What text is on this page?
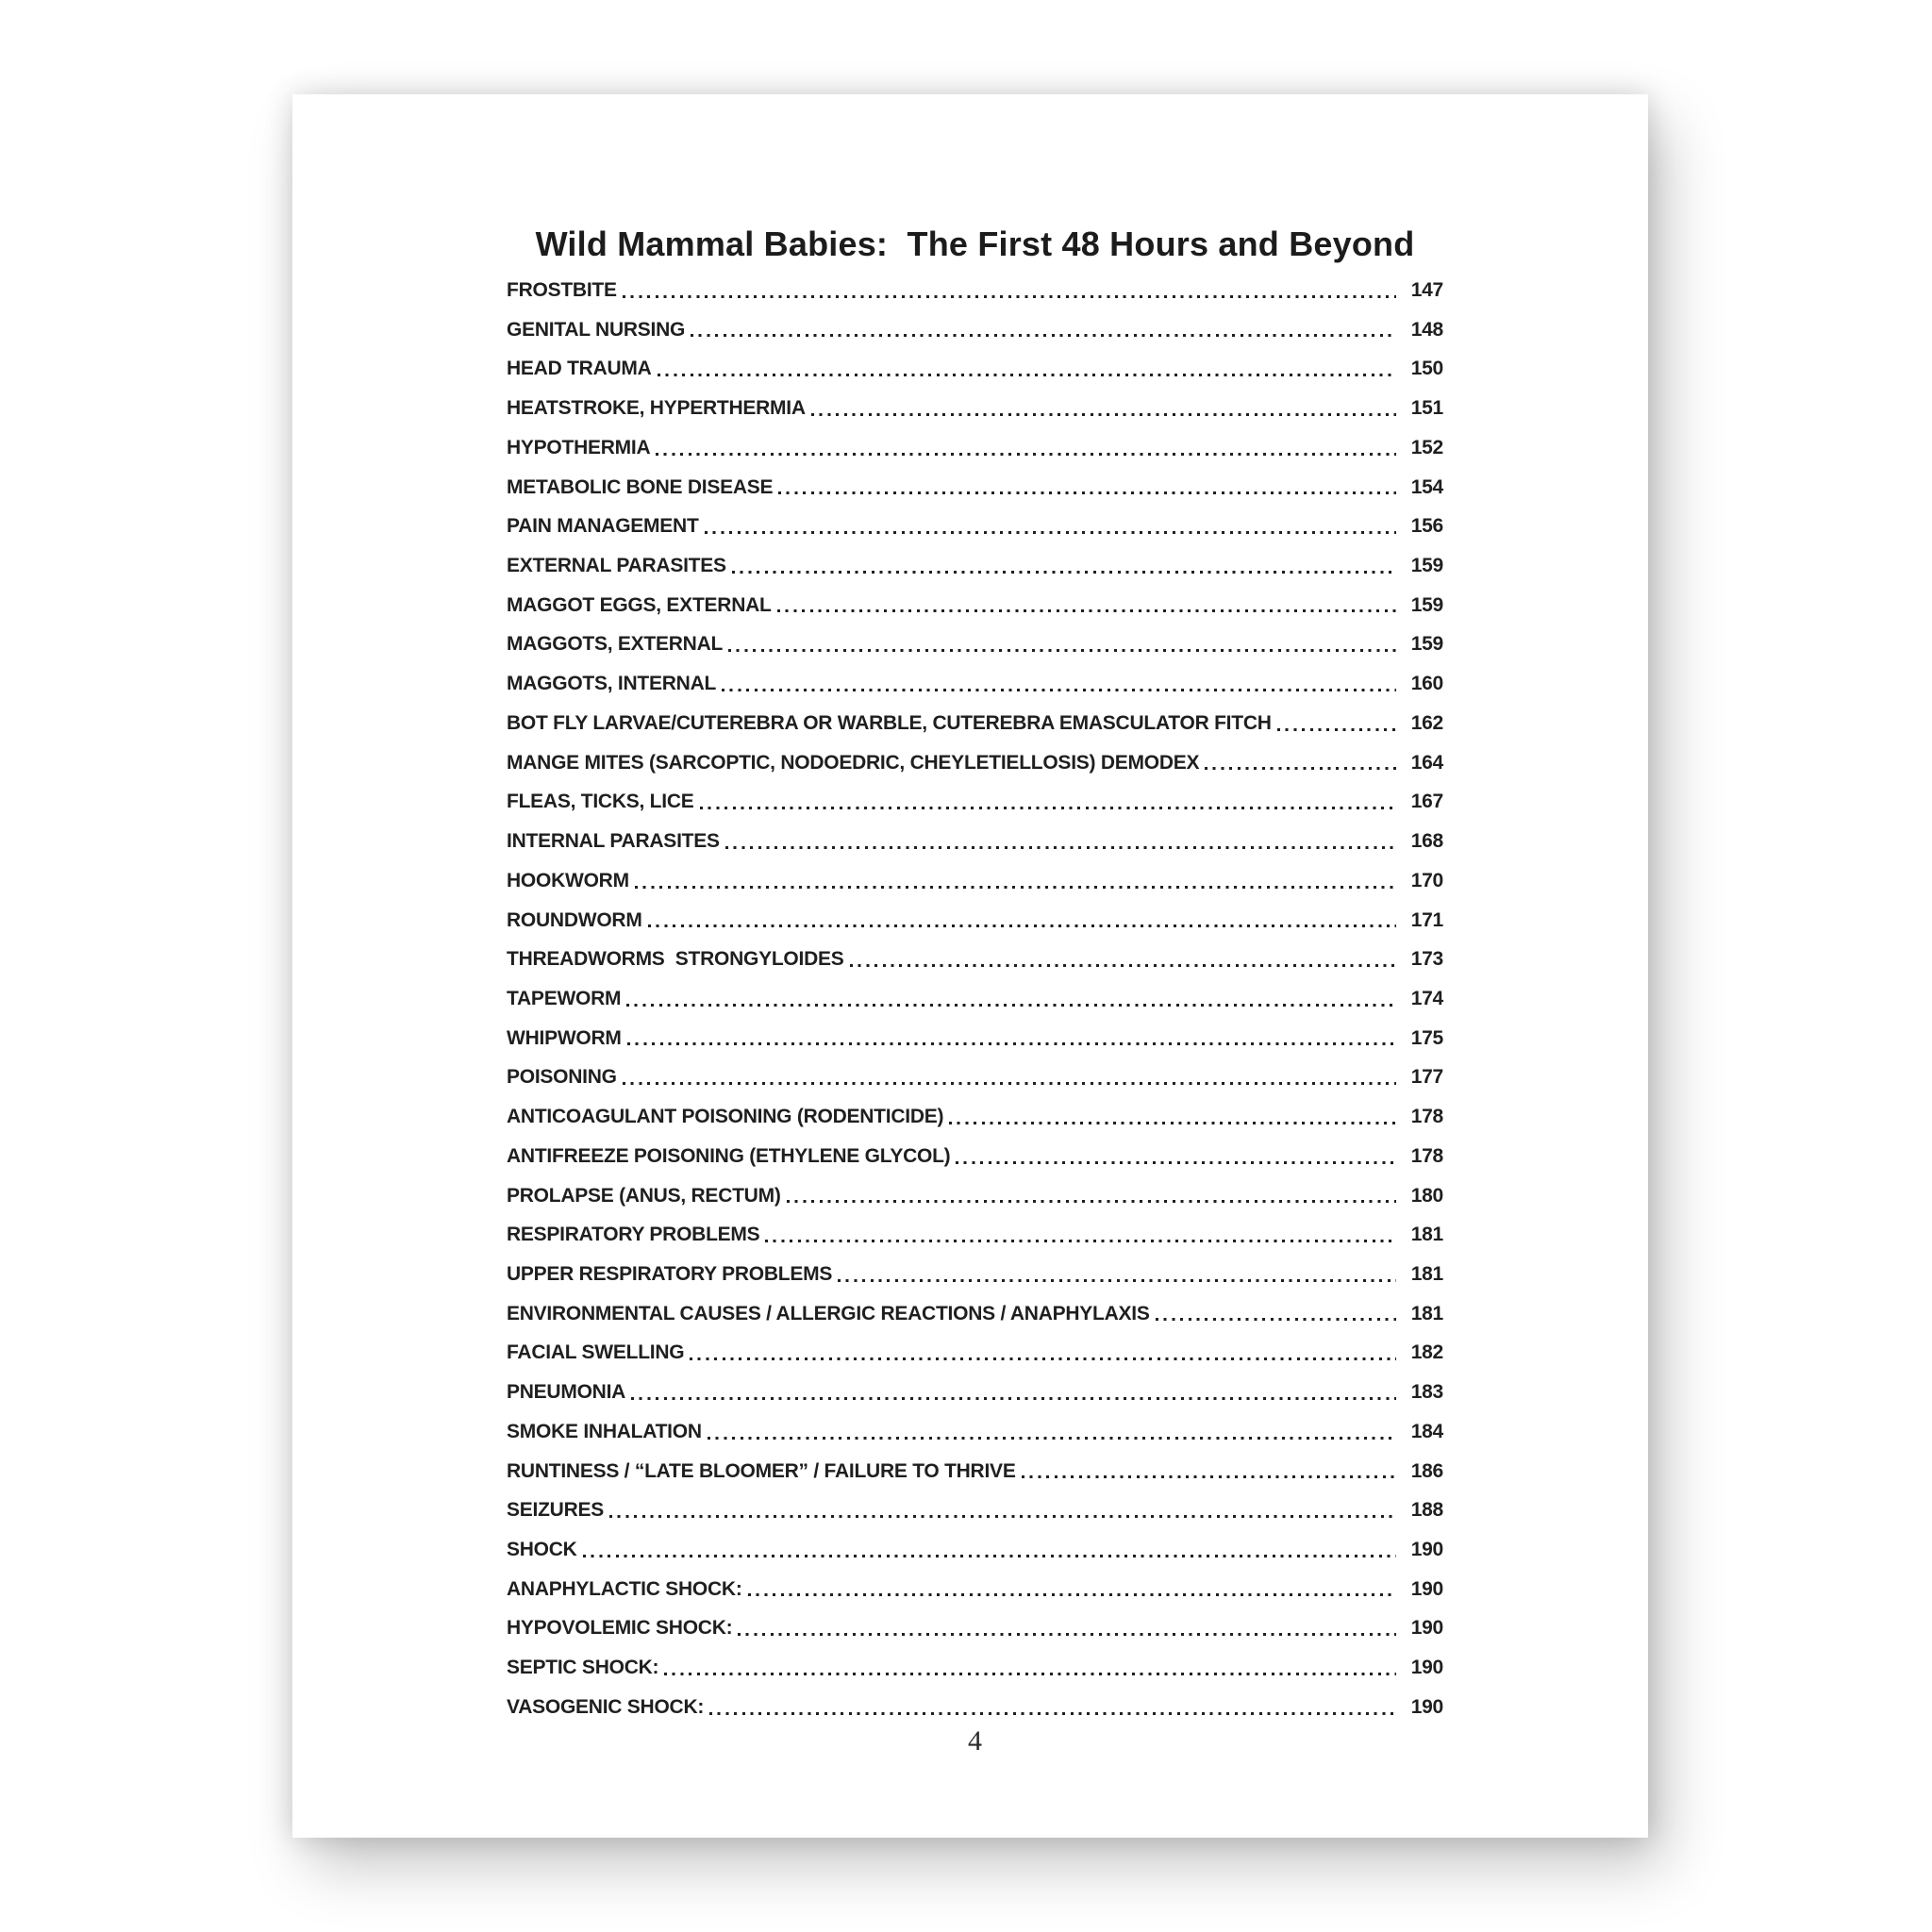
Wild Mammal Babies:  The First 48 Hours and Beyond
FROSTBITE	147
GENITAL NURSING	148
HEAD TRAUMA	150
HEATSTROKE, HYPERTHERMIA	151
HYPOTHERMIA	152
METABOLIC BONE DISEASE	154
PAIN MANAGEMENT	156
EXTERNAL PARASITES	159
MAGGOT EGGS, EXTERNAL	159
MAGGOTS, EXTERNAL	159
MAGGOTS, INTERNAL	160
BOT FLY LARVAE/CUTEREBRA OR WARBLE, CUTEREBRA EMASCULATOR FITCH	162
MANGE MITES (SARCOPTIC, NODOEDRIC, CHEYLETIELLOSIS) DEMODEX	164
FLEAS, TICKS, LICE	167
INTERNAL PARASITES	168
HOOKWORM	170
ROUNDWORM	171
THREADWORMS  STRONGYLOIDES	173
TAPEWORM	174
WHIPWORM	175
POISONING	177
ANTICOAGULANT POISONING (RODENTICIDE)	178
ANTIFREEZE POISONING (ETHYLENE GLYCOL)	178
PROLAPSE (ANUS, RECTUM)	180
RESPIRATORY PROBLEMS	181
UPPER RESPIRATORY PROBLEMS	181
ENVIRONMENTAL CAUSES / ALLERGIC REACTIONS / ANAPHYLAXIS	181
FACIAL SWELLING	182
PNEUMONIA	183
SMOKE INHALATION	184
RUNTINESS / “LATE BLOOMER” / FAILURE TO THRIVE	186
SEIZURES	188
SHOCK	190
ANAPHYLACTIC SHOCK:	190
HYPOVOLEMIC SHOCK:	190
SEPTIC SHOCK:	190
VASOGENIC SHOCK:	190
4
